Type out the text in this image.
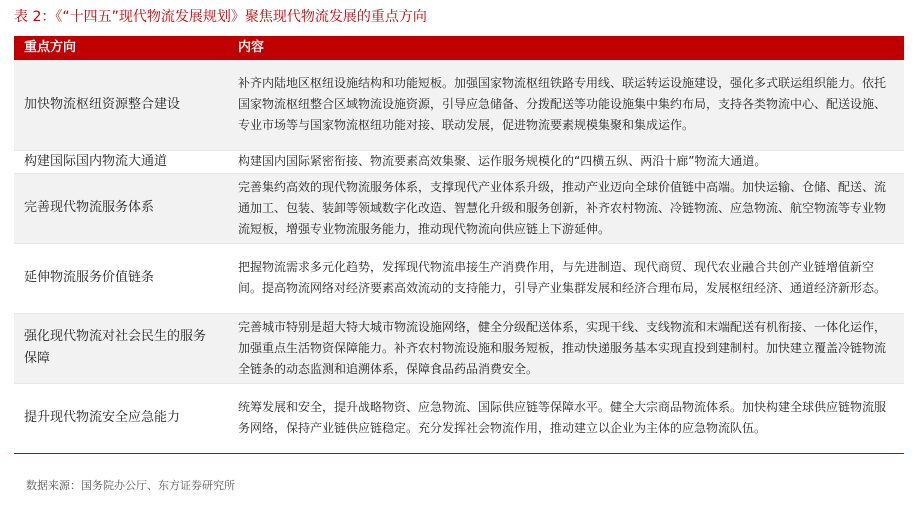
表 2：《“十四五”现代物流发展规划》聚焦现代物流发展的重点方向
重点方向	内容
加快物流枢纽资源整合建设	补齐内陆地区枢纽设施结构和功能短板。加强国家物流枢纽铁路专用线、联运转运设施建设，强化多式联运组织能力。依托国家物流枢纽整合区域物流设施资源，引导应急储备、分拨配送等功能设施集中集约布局，支持各类物流中心、配送设施、专业市场等与国家物流枢纽功能对接、联动发展，促进物流要素规模集聚和集成运作。
构建国际国内物流大通道	构建国内国际紧密衔接、物流要素高效集聚、运作服务规模化的“四横五纵、两沿十廊”物流大通道。
完善现代物流服务体系	完善集约高效的现代物流服务体系，支撑现代产业体系升级，推动产业迈向全球价值链中高端。加快运输、仓储、配送、流通加工、包装、装卸等领域数字化改造、智慧化升级和服务创新，补齐农村物流、冷链物流、应急物流、航空物流等专业物流短板，增强专业物流服务能力，推动现代物流向供应链上下游延伸。
延伸物流服务价值链条	把握物流需求多元化趋势，发挥现代物流串接生产消费作用，与先进制造、现代商贸、现代农业融合共创产业链增值新空间。提高物流网络对经济要素高效流动的支持能力，引导产业集群发展和经济合理布局，发展枢纽经济、通道经济新形态。
强化现代物流对社会民生的服务保障	完善城市特别是超大特大城市物流设施网络，健全分级配送体系，实现干线、支线物流和末端配送有机衔接、一体化运作，加强重点生活物资保障能力。补齐农村物流设施和服务短板，推动快递服务基本实现直投到建制村。加快建立覆盖冷链物流全链条的动态监测和追溯体系，保障食品药品消费安全。
提升现代物流安全应急能力	统筹发展和安全，提升战略物资、应急物流、国际供应链等保障水平。健全大宗商品物流体系。加快构建全球供应链物流服务网络，保持产业链供应链稳定。充分发挥社会物流作用，推动建立以企业为主体的应急物流队伍。
数据来源：国务院办公厅、东方证券研究所
